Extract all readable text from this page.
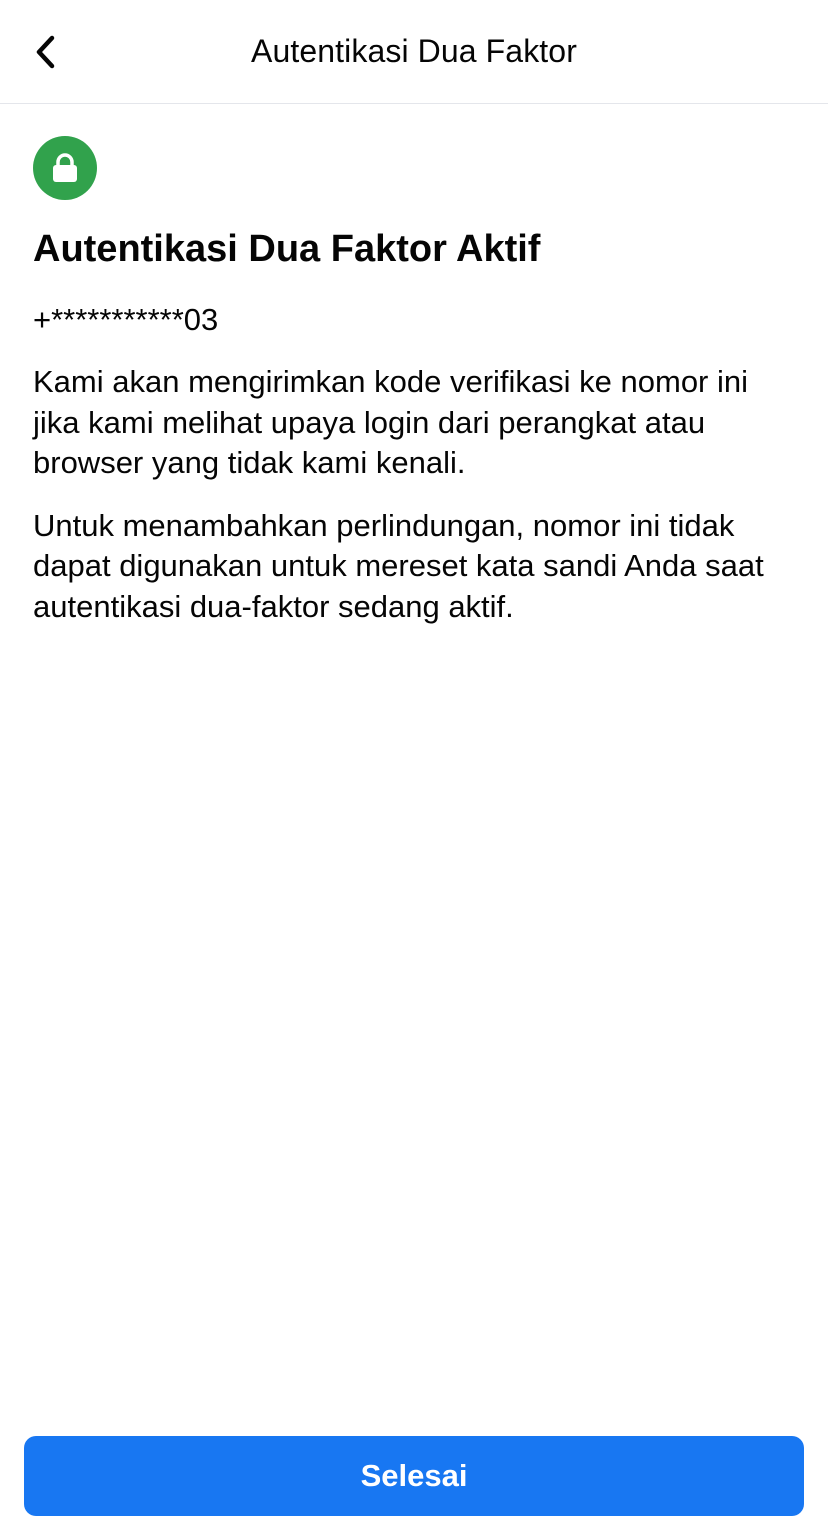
Autentikasi Dua Faktor
Autentikasi Dua Faktor Aktif
+***********03

Kami akan mengirimkan kode verifikasi ke nomor ini jika kami melihat upaya login dari perangkat atau browser yang tidak kami kenali.

Untuk menambahkan perlindungan, nomor ini tidak dapat digunakan untuk mereset kata sandi Anda saat autentikasi dua-faktor sedang aktif.

Selesai
